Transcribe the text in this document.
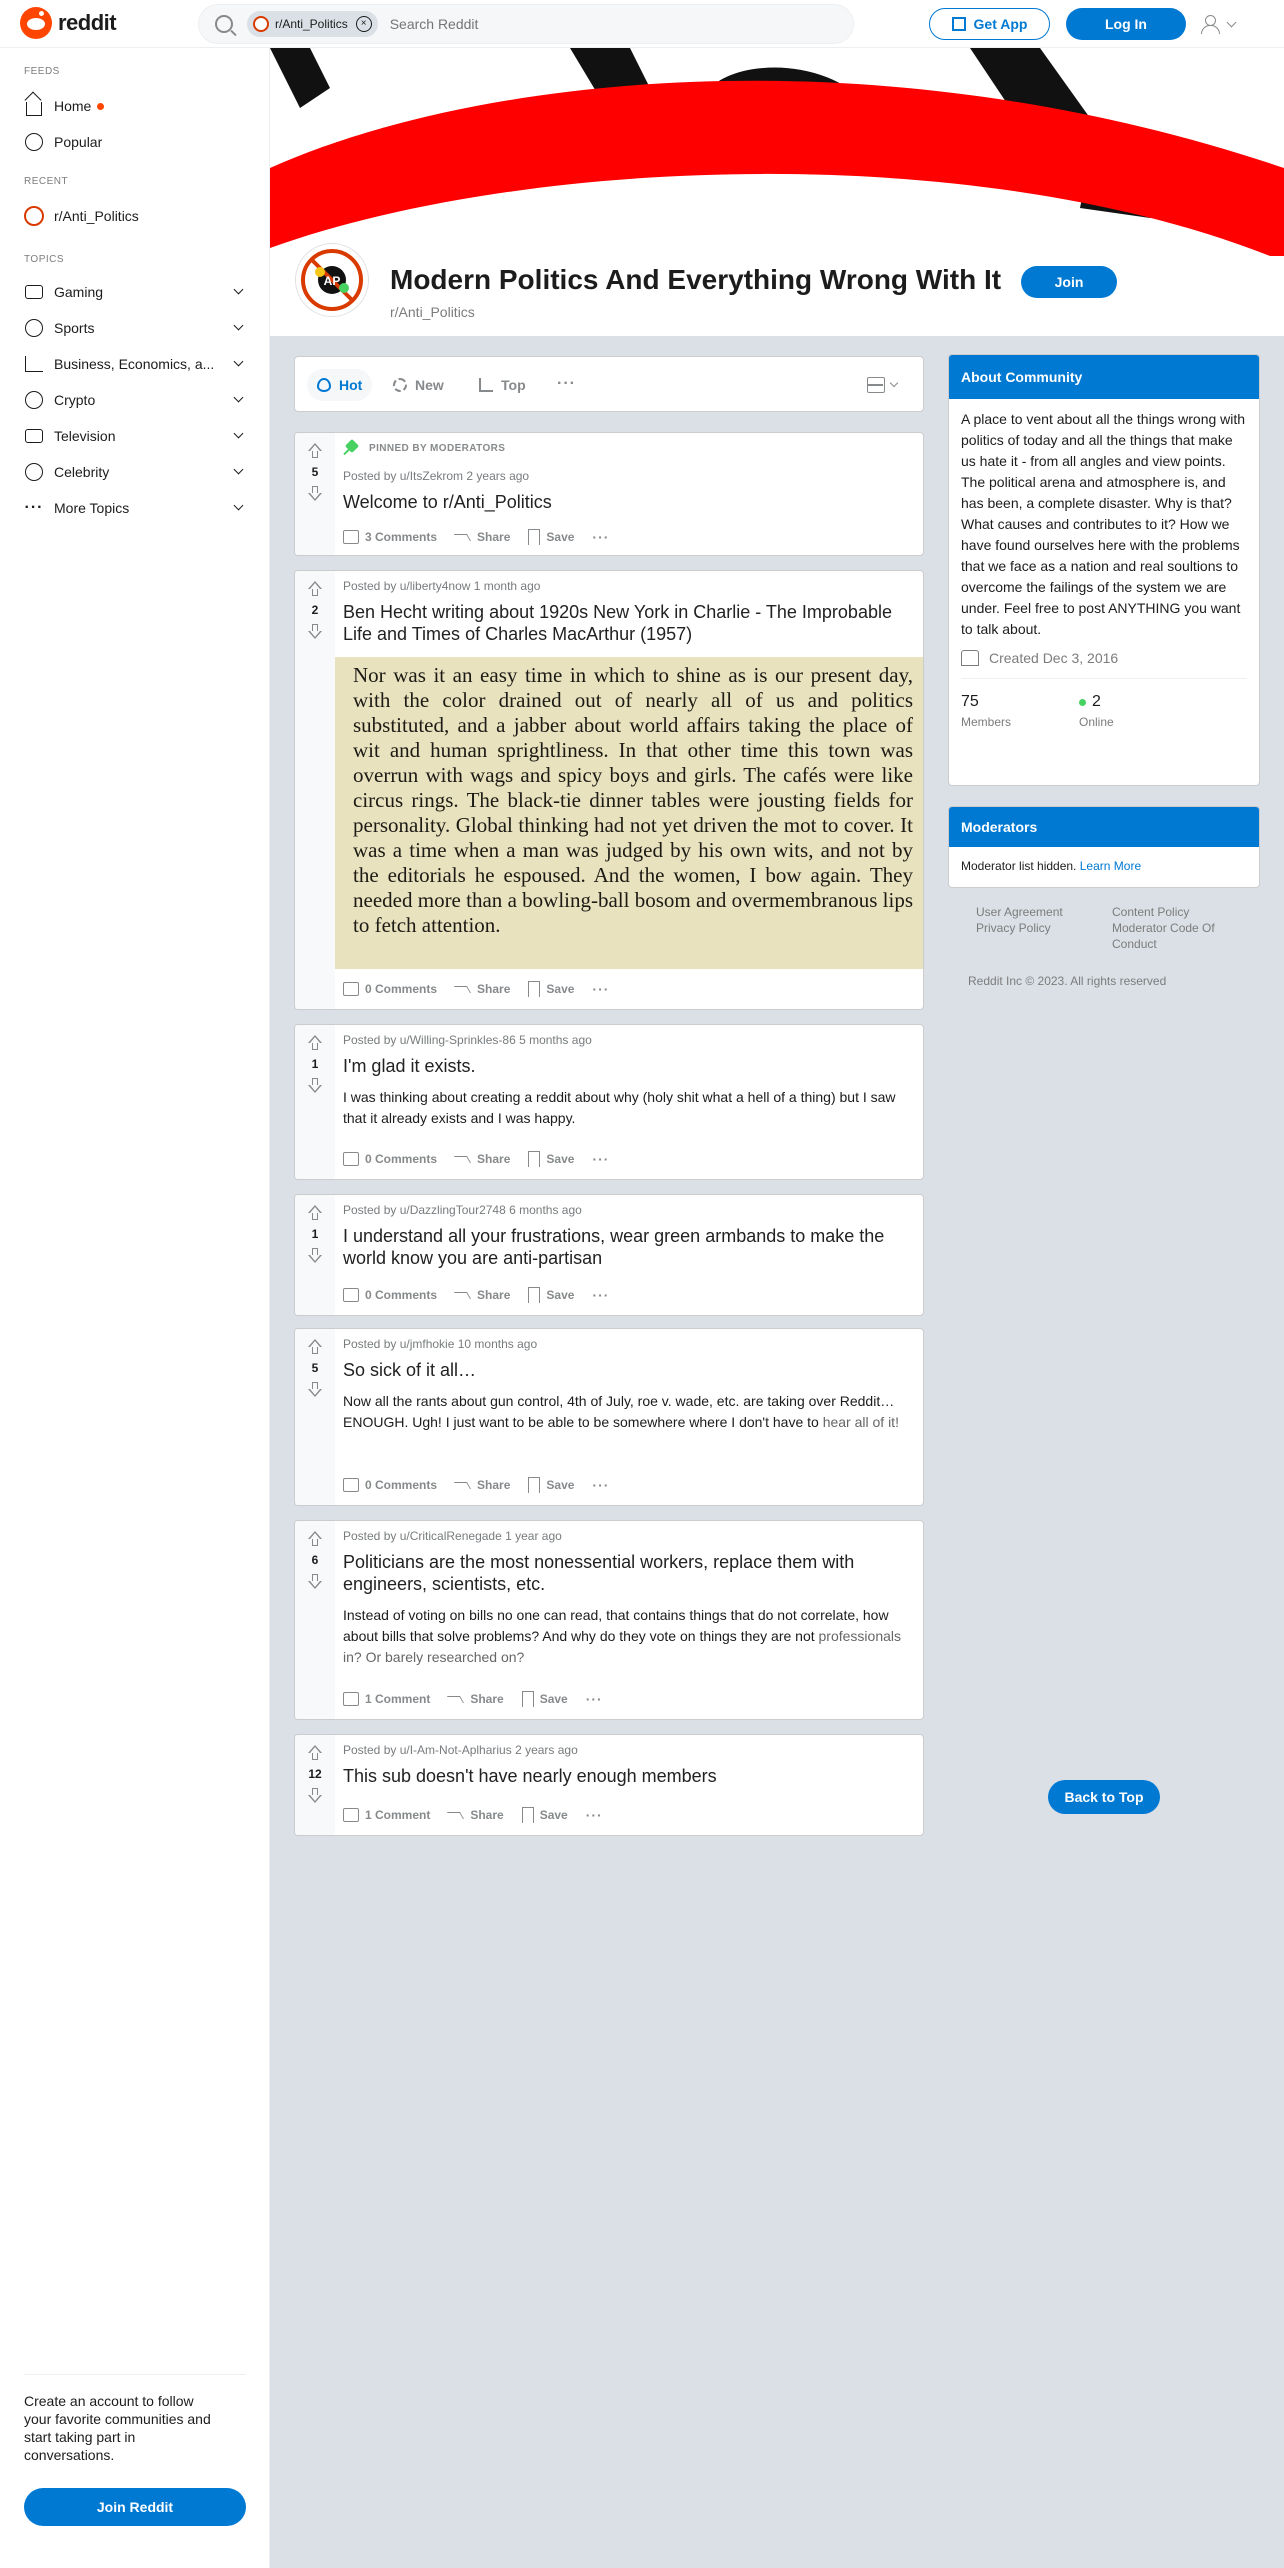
reddit	r/Anti_Politics	×
Search Reddit	Get App	Log In
FEEDS
Home
Popular
RECENT
r/Anti_Politics
TOPICS
Gaming
Sports
Business, Economics, a...
Crypto
Television
Celebrity
··· More Topics
Create an account to follow your favorite communities and start taking part in conversations.
Join Reddit
AP Modern Politics And Everything Wrong With It
r/Anti_Politics
Join
Hot	New	Top ···
5
PINNED BY MODERATORS
Posted by u/ItsZekrom 2 years ago
Welcome to r/Anti_Politics
3 Comments	Share	Save ···
2
Posted by u/liberty4now 1 month ago
Ben Hecht writing about 1920s New York in Charlie - The Improbable Life and Times of Charles MacArthur (1957)
Nor was it an easy time in which to shine as is our present day, with the color drained out of nearly all of us and politics substituted, and a jabber about world affairs taking the place of wit and human sprightliness. In that other time this town was overrun with wags and spicy boys and girls. The cafés were like circus rings. The black-tie dinner tables were jousting fields for personality. Global thinking had not yet driven the mot to cover. It was a time when a man was judged by his own wits, and not by the editorials he espoused. And the women, I bow again. They needed more than a bowling-ball bosom and overmembranous lips to fetch attention.
0 Comments	Share	Save ···
1
Posted by u/Willing-Sprinkles-86 5 months ago
I'm glad it exists.
I was thinking about creating a reddit about why (holy shit what a hell of a thing) but I saw that it already exists and I was happy.
0 Comments	Share	Save ···
1
Posted by u/DazzlingTour2748 6 months ago
I understand all your frustrations, wear green armbands to make the world know you are anti-partisan
0 Comments	Share	Save ···
5
Posted by u/jmfhokie 10 months ago
So sick of it all…
Now all the rants about gun control, 4th of July, roe v. wade, etc. are taking over Reddit…ENOUGH. Ugh! I just want to be able to be somewhere where I don't have to hear all of it!
0 Comments	Share	Save ···
6
Posted by u/CriticalRenegade 1 year ago
Politicians are the most nonessential workers, replace them with engineers, scientists, etc.
Instead of voting on bills no one can read, that contains things that do not correlate, how about bills that solve problems? And why do they vote on things they are not professionals in? Or barely researched on?
1 Comment	Share	Save ···
12
Posted by u/I-Am-Not-Aplharius 2 years ago
This sub doesn't have nearly enough members
1 Comment	Share	Save ···
About Community
A place to vent about all the things wrong with politics of today and all the things that make us hate it - from all angles and view points. The political arena and atmosphere is, and has been, a complete disaster. Why is that? What causes and contributes to it? How we have found ourselves here with the problems that we face as a nation and real soultions to overcome the failings of the system we are under. Feel free to post ANYTHING you want to talk about.
Created Dec 3, 2016
75
Members
2
Online
Moderators
Moderator list hidden. Learn More
User Agreement
Privacy Policy
Content Policy
Moderator Code Of Conduct
Reddit Inc © 2023. All rights reserved
Back to Top
